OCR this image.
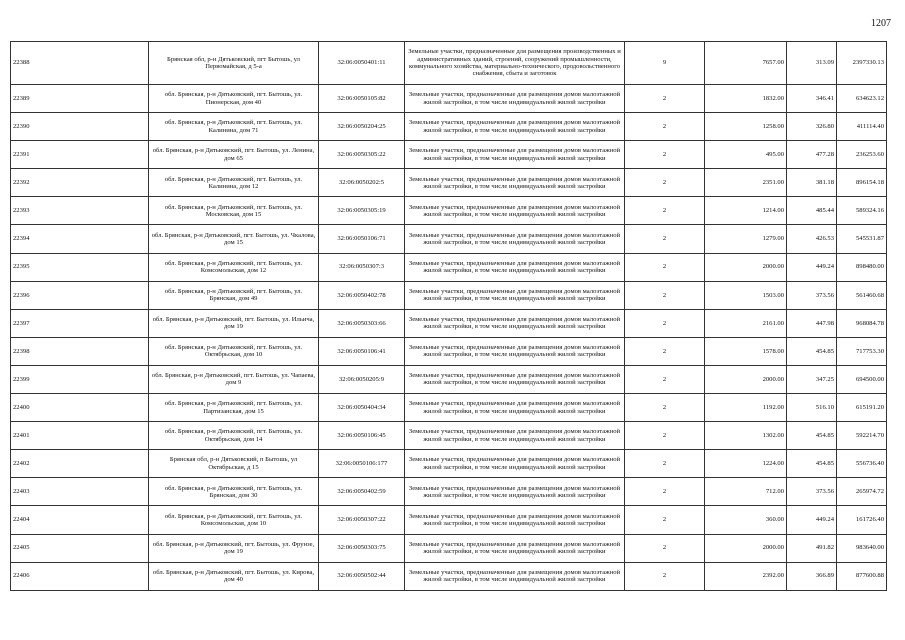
1207
22388	Брянская обл, р-н Дятьковский, пгт Бытошь, ул Первомайская, д 5-а	32:06:0050401:11	Земельные участки, предназначенные для размещения производственных и административных зданий, строений, сооружений промышленности, коммунального хозяйства, материально-технического, продовольственного снабжения, сбыта и заготовок	9	7657.00	313.09	2397330.13
22389	обл. Брянская, р-н Дятьковский, пгт. Бытошь, ул. Пионерская, дом 40	32:06:0050105:82	Земельные участки, предназначенные для размещения домов малоэтажной жилой застройки, в том числе индивидуальной жилой застройки	2	1832.00	346.41	634623.12
22390	обл. Брянская, р-н Дятьковский, пгт. Бытошь, ул. Калинина, дом 71	32:06:0050204:25	Земельные участки, предназначенные для размещения домов малоэтажной жилой застройки, в том числе индивидуальной жилой застройки	2	1258.00	326.80	411114.40
22391	обл. Брянская, р-н Дятьковский, пгт. Бытошь, ул. Ленина, дом 65	32:06:0050305:22	Земельные участки, предназначенные для размещения домов малоэтажной жилой застройки, в том числе индивидуальной жилой застройки	2	495.00	477.28	236253.60
22392	обл. Брянская, р-н Дятьковский, пгт. Бытошь, ул. Калинина, дом 12	32:06:0050202:5	Земельные участки, предназначенные для размещения домов малоэтажной жилой застройки, в том числе индивидуальной жилой застройки	2	2351.00	381.18	896154.18
22393	обл. Брянская, р-н Дятьковский, пгт. Бытошь, ул. Московская, дом 15	32:06:0050305:19	Земельные участки, предназначенные для размещения домов малоэтажной жилой застройки, в том числе индивидуальной жилой застройки	2	1214.00	485.44	589324.16
22394	обл. Брянская, р-н Дятьковский, пгт. Бытошь, ул. Чкалова, дом 15	32:06:0050106:71	Земельные участки, предназначенные для размещения домов малоэтажной жилой застройки, в том числе индивидуальной жилой застройки	2	1279.00	426.53	545531.87
22395	обл. Брянская, р-н Дятьковский, пгт. Бытошь, ул. Комсомольская, дом 12	32:06:0050307:3	Земельные участки, предназначенные для размещения домов малоэтажной жилой застройки, в том числе индивидуальной жилой застройки	2	2000.00	449.24	898480.00
22396	обл. Брянская, р-н Дятьковский, пгт. Бытошь, ул. Брянская, дом 49	32:06:0050402:78	Земельные участки, предназначенные для размещения домов малоэтажной жилой застройки, в том числе индивидуальной жилой застройки	2	1503.00	373.56	561460.68
22397	обл. Брянская, р-н Дятьковский, пгт. Бытошь, ул. Ильича, дом 19	32:06:0050303:66	Земельные участки, предназначенные для размещения домов малоэтажной жилой застройки, в том числе индивидуальной жилой застройки	2	2161.00	447.98	968084.78
22398	обл. Брянская, р-н Дятьковский, пгт. Бытошь, ул. Октябрьская, дом 10	32:06:0050106:41	Земельные участки, предназначенные для размещения домов малоэтажной жилой застройки, в том числе индивидуальной жилой застройки	2	1578.00	454.85	717753.30
22399	обл. Брянская, р-н Дятьковский, пгт. Бытошь, ул. Чапаева, дом 9	32:06:0050205:9	Земельные участки, предназначенные для размещения домов малоэтажной жилой застройки, в том числе индивидуальной жилой застройки	2	2000.00	347.25	694500.00
22400	обл. Брянская, р-н Дятьковский, пгт. Бытошь, ул. Партизанская, дом 15	32:06:0050404:34	Земельные участки, предназначенные для размещения домов малоэтажной жилой застройки, в том числе индивидуальной жилой застройки	2	1192.00	516.10	615191.20
22401	обл. Брянская, р-н Дятьковский, пгт. Бытошь, ул. Октябрьская, дом 14	32:06:0050106:45	Земельные участки, предназначенные для размещения домов малоэтажной жилой застройки, в том числе индивидуальной жилой застройки	2	1302.00	454.85	592214.70
22402	Брянская обл, р-н Дятьковский, п Бытошь, ул Октябрьская, д 15	32:06:0050106:177	Земельные участки, предназначенные для размещения домов малоэтажной жилой застройки, в том числе индивидуальной жилой застройки	2	1224.00	454.85	556736.40
22403	обл. Брянская, р-н Дятьковский, пгт. Бытошь, ул. Брянская, дом 30	32:06:0050402:59	Земельные участки, предназначенные для размещения домов малоэтажной жилой застройки, в том числе индивидуальной жилой застройки	2	712.00	373.56	265974.72
22404	обл. Брянская, р-н Дятьковский, пгт. Бытошь, ул. Комсомольская, дом 10	32:06:0050307:22	Земельные участки, предназначенные для размещения домов малоэтажной жилой застройки, в том числе индивидуальной жилой застройки	2	360.00	449.24	161726.40
22405	обл. Брянская, р-н Дятьковский, пгт. Бытошь, ул. Фрунзе, дом 19	32:06:0050303:75	Земельные участки, предназначенные для размещения домов малоэтажной жилой застройки, в том числе индивидуальной жилой застройки	2	2000.00	491.82	983640.00
22406	обл. Брянская, р-н Дятьковский, пгт. Бытошь, ул. Кирова, дом 40	32:06:0050502:44	Земельные участки, предназначенные для размещения домов малоэтажной жилой застройки, в том числе индивидуальной жилой застройки	2	2392.00	366.89	877600.88
